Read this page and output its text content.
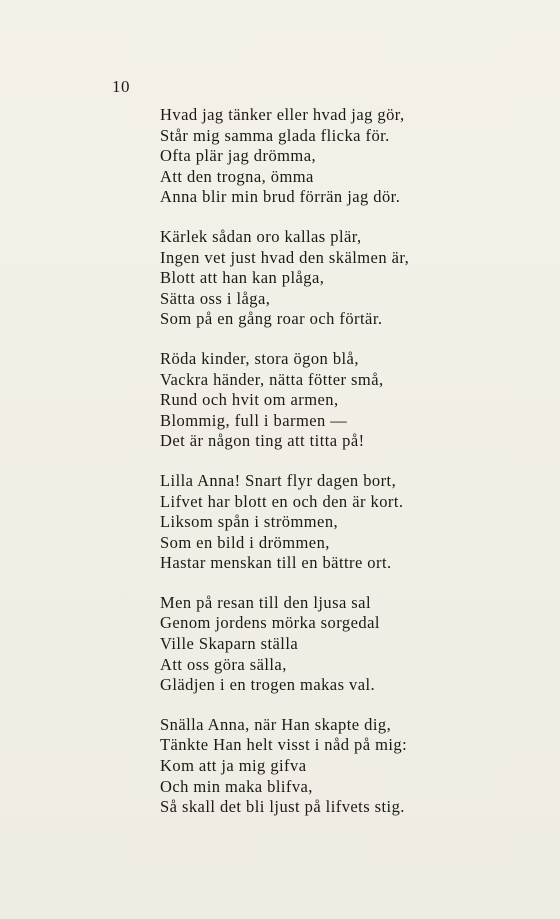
10
Hvad jag tänker eller hvad jag gör,
Står mig samma glada flicka för.
Ofta plär jag drömma,
Att den trogna, ömma
Anna blir min brud förrän jag dör.
Kärlek sådan oro kallas plär,
Ingen vet just hvad den skälmen är,
Blott att han kan plåga,
Sätta oss i låga,
Som på en gång roar och förtär.
Röda kinder, stora ögon blå,
Vackra händer, nätta fötter små,
Rund och hvit om armen,
Blommig, full i barmen —
Det är någon ting att titta på!
Lilla Anna! Snart flyr dagen bort,
Lifvet har blott en och den är kort.
Liksom spån i strömmen,
Som en bild i drömmen,
Hastar menskan till en bättre ort.
Men på resan till den ljusa sal
Genom jordens mörka sorgedal
Ville Skaparn ställa
Att oss göra sälla,
Glädjen i en trogen makas val.
Snälla Anna, när Han skapte dig,
Tänkte Han helt visst i nåd på mig:
Kom att ja mig gifva
Och min maka blifva,
Så skall det bli ljust på lifvets stig.
